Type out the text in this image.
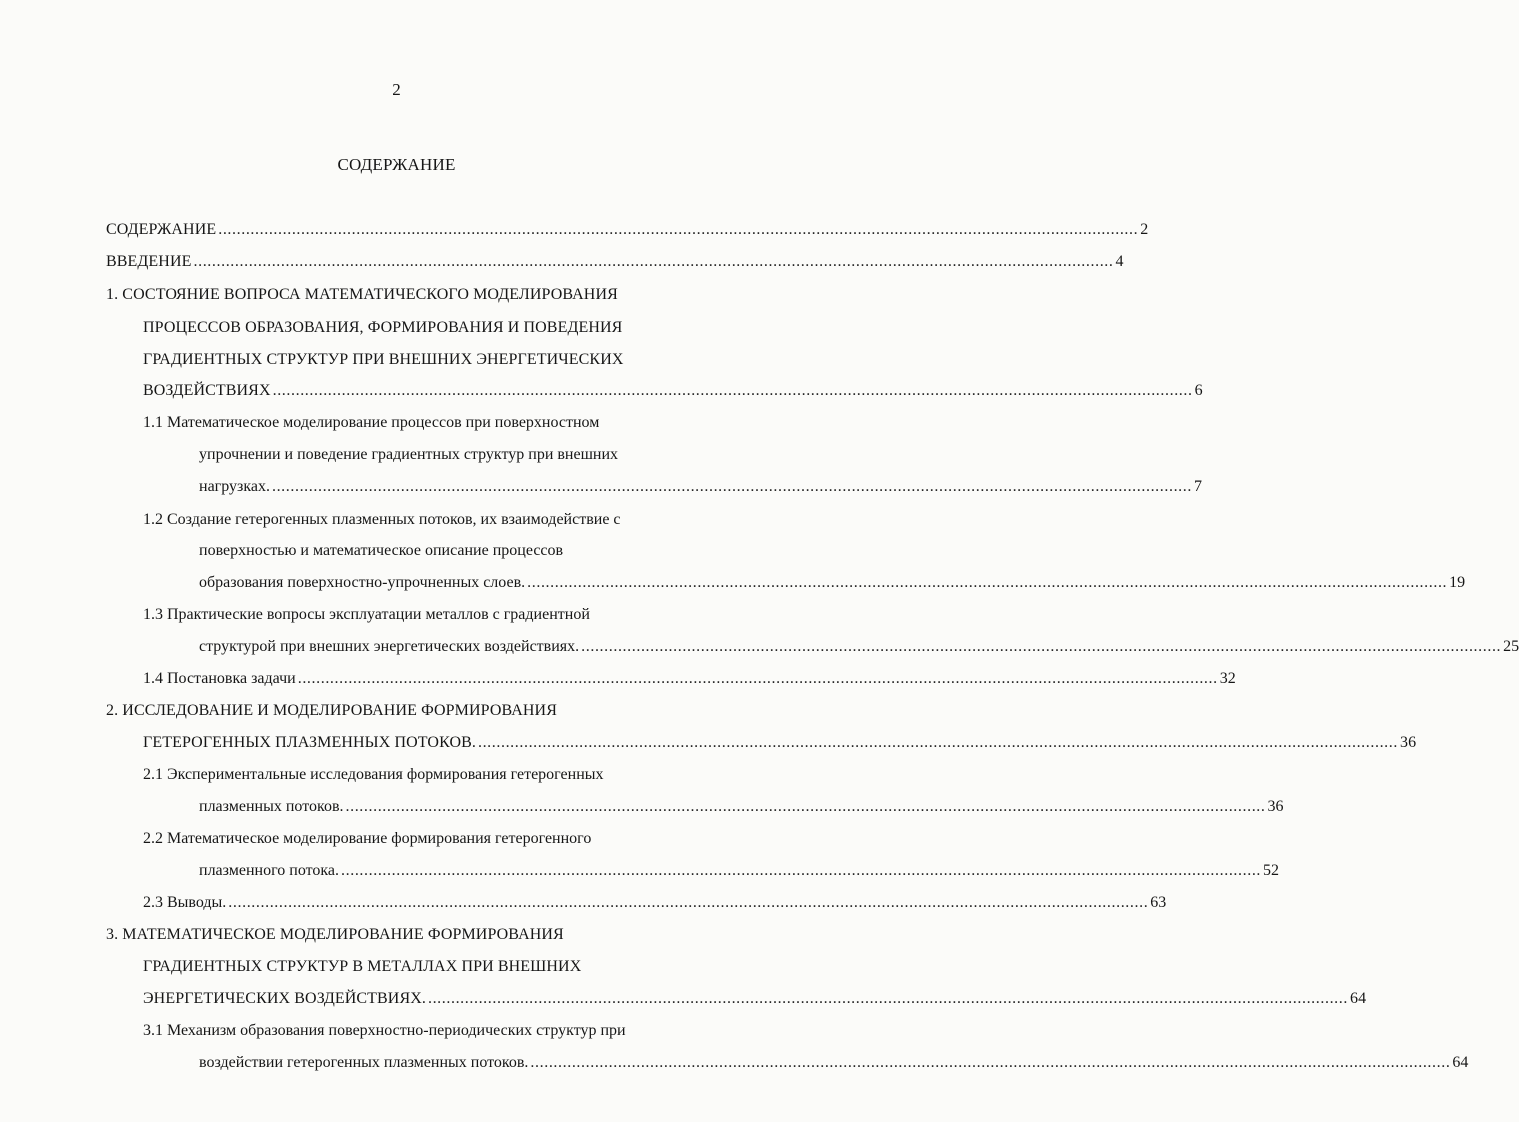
2
СОДЕРЖАНИЕ
СОДЕРЖАНИЕ ........................................................................................................................................................................................................ 2
ВВЕДЕНИЕ ........................................................................................................................................................................................................ 4
1. СОСТОЯНИЕ ВОПРОСА МАТЕМАТИЧЕСКОГО МОДЕЛИРОВАНИЯ
ПРОЦЕССОВ ОБРАЗОВАНИЯ, ФОРМИРОВАНИЯ И ПОВЕДЕНИЯ
ГРАДИЕНТНЫХ СТРУКТУР ПРИ ВНЕШНИХ ЭНЕРГЕТИЧЕСКИХ
ВОЗДЕЙСТВИЯХ ........................................................................................................................................................................................................ 6
1.1 Математическое моделирование процессов при поверхностном
упрочнении и поведение градиентных структур при внешних
нагрузках. ........................................................................................................................................................................................................ 7
1.2 Создание гетерогенных плазменных потоков, их взаимодействие с
поверхностью и математическое описание процессов
образования поверхностно-упрочненных слоев. ........................................................................................................................................................................................................ 19
1.3 Практические вопросы эксплуатации металлов с градиентной
структурой при внешних энергетических воздействиях. ........................................................................................................................................................................................................ 25
1.4 Постановка задачи ........................................................................................................................................................................................................ 32
2. ИССЛЕДОВАНИЕ И МОДЕЛИРОВАНИЕ ФОРМИРОВАНИЯ
ГЕТЕРОГЕННЫХ ПЛАЗМЕННЫХ ПОТОКОВ. ........................................................................................................................................................................................................ 36
2.1 Экспериментальные исследования формирования гетерогенных
плазменных потоков. ........................................................................................................................................................................................................ 36
2.2 Математическое моделирование формирования гетерогенного
плазменного потока. ........................................................................................................................................................................................................ 52
2.3 Выводы. ........................................................................................................................................................................................................ 63
3. МАТЕМАТИЧЕСКОЕ МОДЕЛИРОВАНИЕ ФОРМИРОВАНИЯ
ГРАДИЕНТНЫХ СТРУКТУР В МЕТАЛЛАХ ПРИ ВНЕШНИХ
ЭНЕРГЕТИЧЕСКИХ ВОЗДЕЙСТВИЯХ. ........................................................................................................................................................................................................ 64
3.1 Механизм образования поверхностно-периодических структур при
воздействии гетерогенных плазменных потоков. ........................................................................................................................................................................................................ 64
